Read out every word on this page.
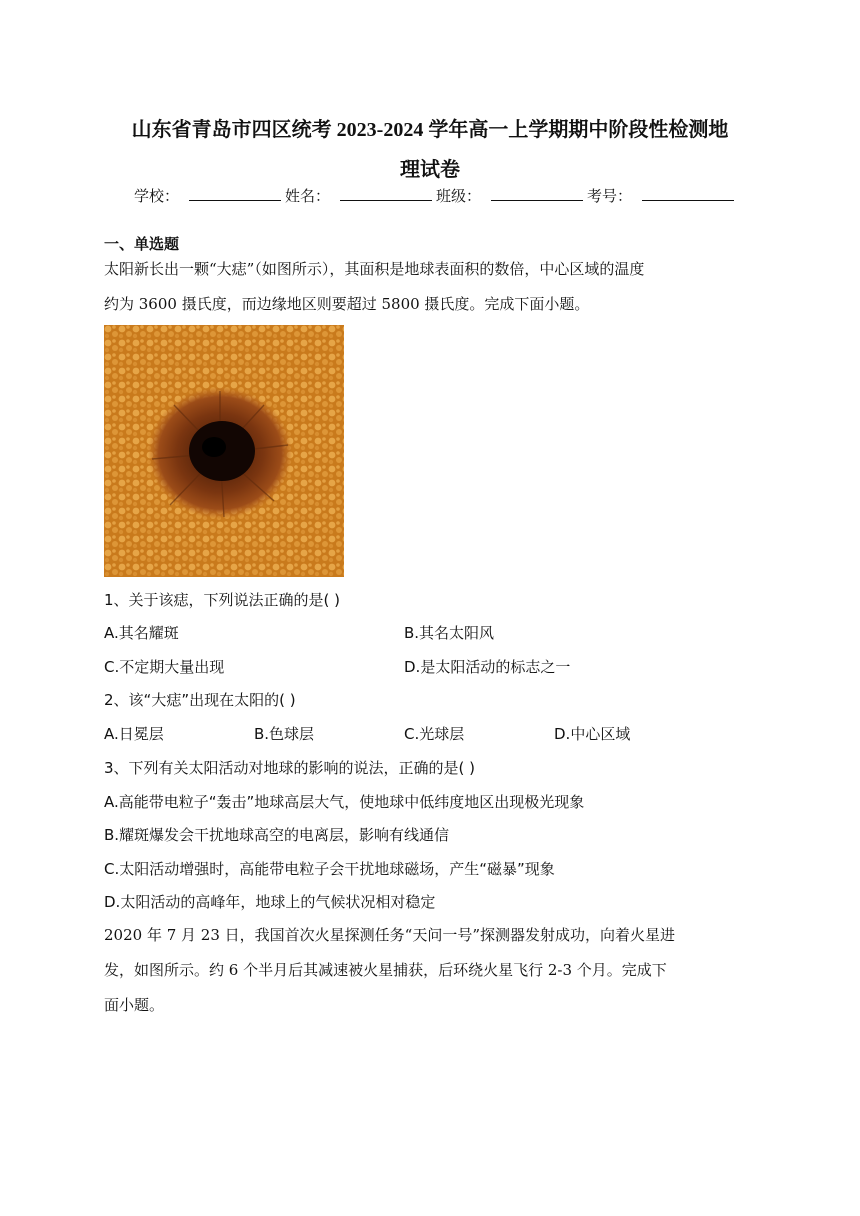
山东省青岛市四区统考 2023-2024 学年高一上学期期中阶段性检测地
理试卷
学校：	姓名：	班级：	考号：
一、单选题
太阳新长出一颗“大痣”（如图所示），其面积是地球表面积的数倍，中心区域的温度
约为 3600 摄氏度，而边缘地区则要超过 5800 摄氏度。完成下面小题。
1、关于该痣，下列说法正确的是( )
A.其名耀斑	B.其名太阳风
C.不定期大量出现	D.是太阳活动的标志之一
2、该“大痣”出现在太阳的( )
A.日冕层	B.色球层	C.光球层	D.中心区域
3、下列有关太阳活动对地球的影响的说法，正确的是( )
A.高能带电粒子“轰击”地球高层大气，使地球中低纬度地区出现极光现象
B.耀斑爆发会干扰地球高空的电离层，影响有线通信
C.太阳活动增强时，高能带电粒子会干扰地球磁场，产生“磁暴”现象
D.太阳活动的高峰年，地球上的气候状况相对稳定
2020 年 7 月 23 日，我国首次火星探测任务“天问一号”探测器发射成功，向着火星进
发，如图所示。约 6 个半月后其减速被火星捕获，后环绕火星飞行 2-3 个月。完成下
面小题。
